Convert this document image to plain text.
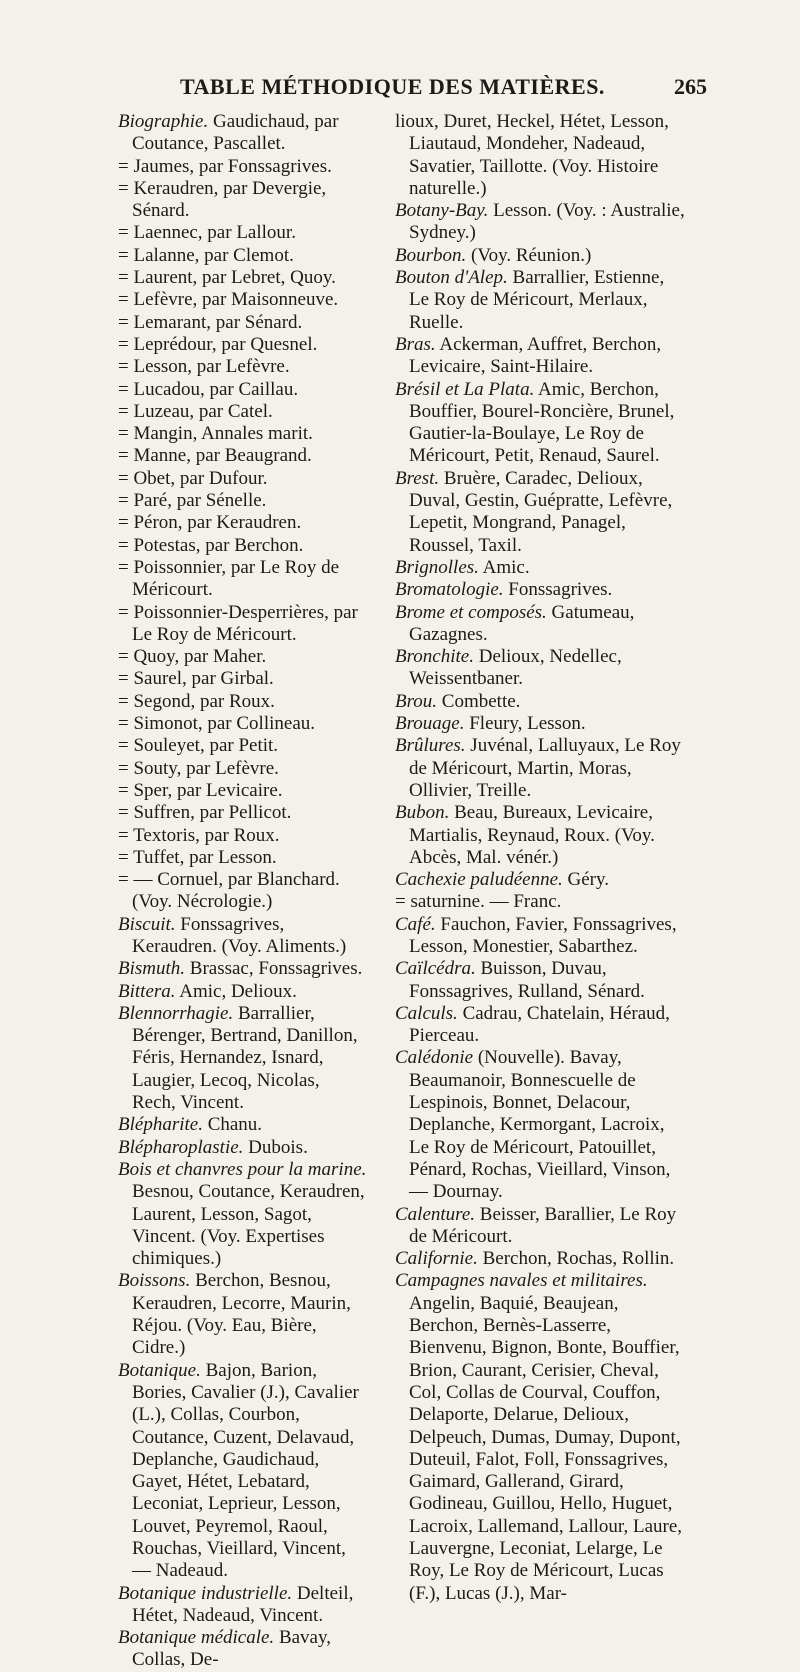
TABLE MÉTHODIQUE DES MATIÈRES.	265

Biographie. Gaudichaud, par Coutance, Pascallet.

= Jaumes, par Fonssagrives.

= Keraudren, par Devergie, Sénard.

= Laennec, par Lallour.

= Lalanne, par Clemot.

= Laurent, par Lebret, Quoy.

= Lefèvre, par Maisonneuve.

= Lemarant, par Sénard.

= Leprédour, par Quesnel.

= Lesson, par Lefèvre.

= Lucadou, par Caillau.

= Luzeau, par Catel.

= Mangin, Annales marit.

= Manne, par Beaugrand.

= Obet, par Dufour.

= Paré, par Sénelle.

= Péron, par Keraudren.

= Potestas, par Berchon.

= Poissonnier, par Le Roy de Méricourt.

= Poissonnier-Desperrières, par Le Roy de Méricourt.

= Quoy, par Maher.

= Saurel, par Girbal.

= Segond, par Roux.

= Simonot, par Collineau.

= Souleyet, par Petit.

= Souty, par Lefèvre.

= Sper, par Levicaire.

= Suffren, par Pellicot.

= Textoris, par Roux.

= Tuffet, par Lesson.

= — Cornuel, par Blanchard. (Voy. Nécrologie.)

Biscuit. Fonssagrives, Keraudren. (Voy. Aliments.)

Bismuth. Brassac, Fonssagrives.

Bittera. Amic, Delioux.

Blennorrhagie. Barrallier, Bérenger, Bertrand, Danillon, Féris, Hernandez, Isnard, Laugier, Lecoq, Nicolas, Rech, Vincent.

Blépharite. Chanu.

Blépharoplastie. Dubois.

Bois et chanvres pour la marine. Besnou, Coutance, Keraudren, Laurent, Lesson, Sagot, Vincent. (Voy. Expertises chimiques.)

Boissons. Berchon, Besnou, Keraudren, Lecorre, Maurin, Réjou. (Voy. Eau, Bière, Cidre.)

Botanique. Bajon, Barion, Bories, Cavalier (J.), Cavalier (L.), Collas, Courbon, Coutance, Cuzent, Delavaud, Deplanche, Gaudichaud, Gayet, Hétet, Lebatard, Leconiat, Leprieur, Lesson, Louvet, Peyremol, Raoul, Rouchas, Vieillard, Vincent, — Nadeaud.

Botanique industrielle. Delteil, Hétet, Nadeaud, Vincent.

Botanique médicale. Bavay, Collas, De-

lioux, Duret, Heckel, Hétet, Lesson, Liautaud, Mondeher, Nadeaud, Savatier, Taillotte. (Voy. Histoire naturelle.)

Botany-Bay. Lesson. (Voy. : Australie, Sydney.)

Bourbon. (Voy. Réunion.)

Bouton d'Alep. Barrallier, Estienne, Le Roy de Méricourt, Merlaux, Ruelle.

Bras. Ackerman, Auffret, Berchon, Levicaire, Saint-Hilaire.

Brésil et La Plata. Amic, Berchon, Bouffier, Bourel-Roncière, Brunel, Gautier-la-Boulaye, Le Roy de Méricourt, Petit, Renaud, Saurel.

Brest. Bruère, Caradec, Delioux, Duval, Gestin, Guépratte, Lefèvre, Lepetit, Mongrand, Panagel, Roussel, Taxil.

Brignolles. Amic.

Bromatologie. Fonssagrives.

Brome et composés. Gatumeau, Gazagnes.

Bronchite. Delioux, Nedellec, Weissentbaner.

Brou. Combette.

Brouage. Fleury, Lesson.

Brûlures. Juvénal, Lalluyaux, Le Roy de Méricourt, Martin, Moras, Ollivier, Treille.

Bubon. Beau, Bureaux, Levicaire, Martialis, Reynaud, Roux. (Voy. Abcès, Mal. vénér.)

Cachexie paludéenne. Géry.

= saturnine. — Franc.

Café. Fauchon, Favier, Fonssagrives, Lesson, Monestier, Sabarthez.

Caïlcédra. Buisson, Duvau, Fonssagrives, Rulland, Sénard.

Calculs. Cadrau, Chatelain, Héraud, Pierceau.

Calédonie (Nouvelle). Bavay, Beaumanoir, Bonnescuelle de Lespinois, Bonnet, Delacour, Deplanche, Kermorgant, Lacroix, Le Roy de Méricourt, Patouillet, Pénard, Rochas, Vieillard, Vinson, — Dournay.

Calenture. Beisser, Barallier, Le Roy de Méricourt.

Californie. Berchon, Rochas, Rollin.

Campagnes navales et militaires. Angelin, Baquié, Beaujean, Berchon, Bernès-Lasserre, Bienvenu, Bignon, Bonte, Bouffier, Brion, Caurant, Cerisier, Cheval, Col, Collas de Courval, Couffon, Delaporte, Delarue, Delioux, Delpeuch, Dumas, Dumay, Dupont, Duteuil, Falot, Foll, Fonssagrives, Gaimard, Gallerand, Girard, Godineau, Guillou, Hello, Huguet, Lacroix, Lallemand, Lallour, Laure, Lauvergne, Leconiat, Lelarge, Le Roy, Le Roy de Méricourt, Lucas (F.), Lucas (J.), Mar-
